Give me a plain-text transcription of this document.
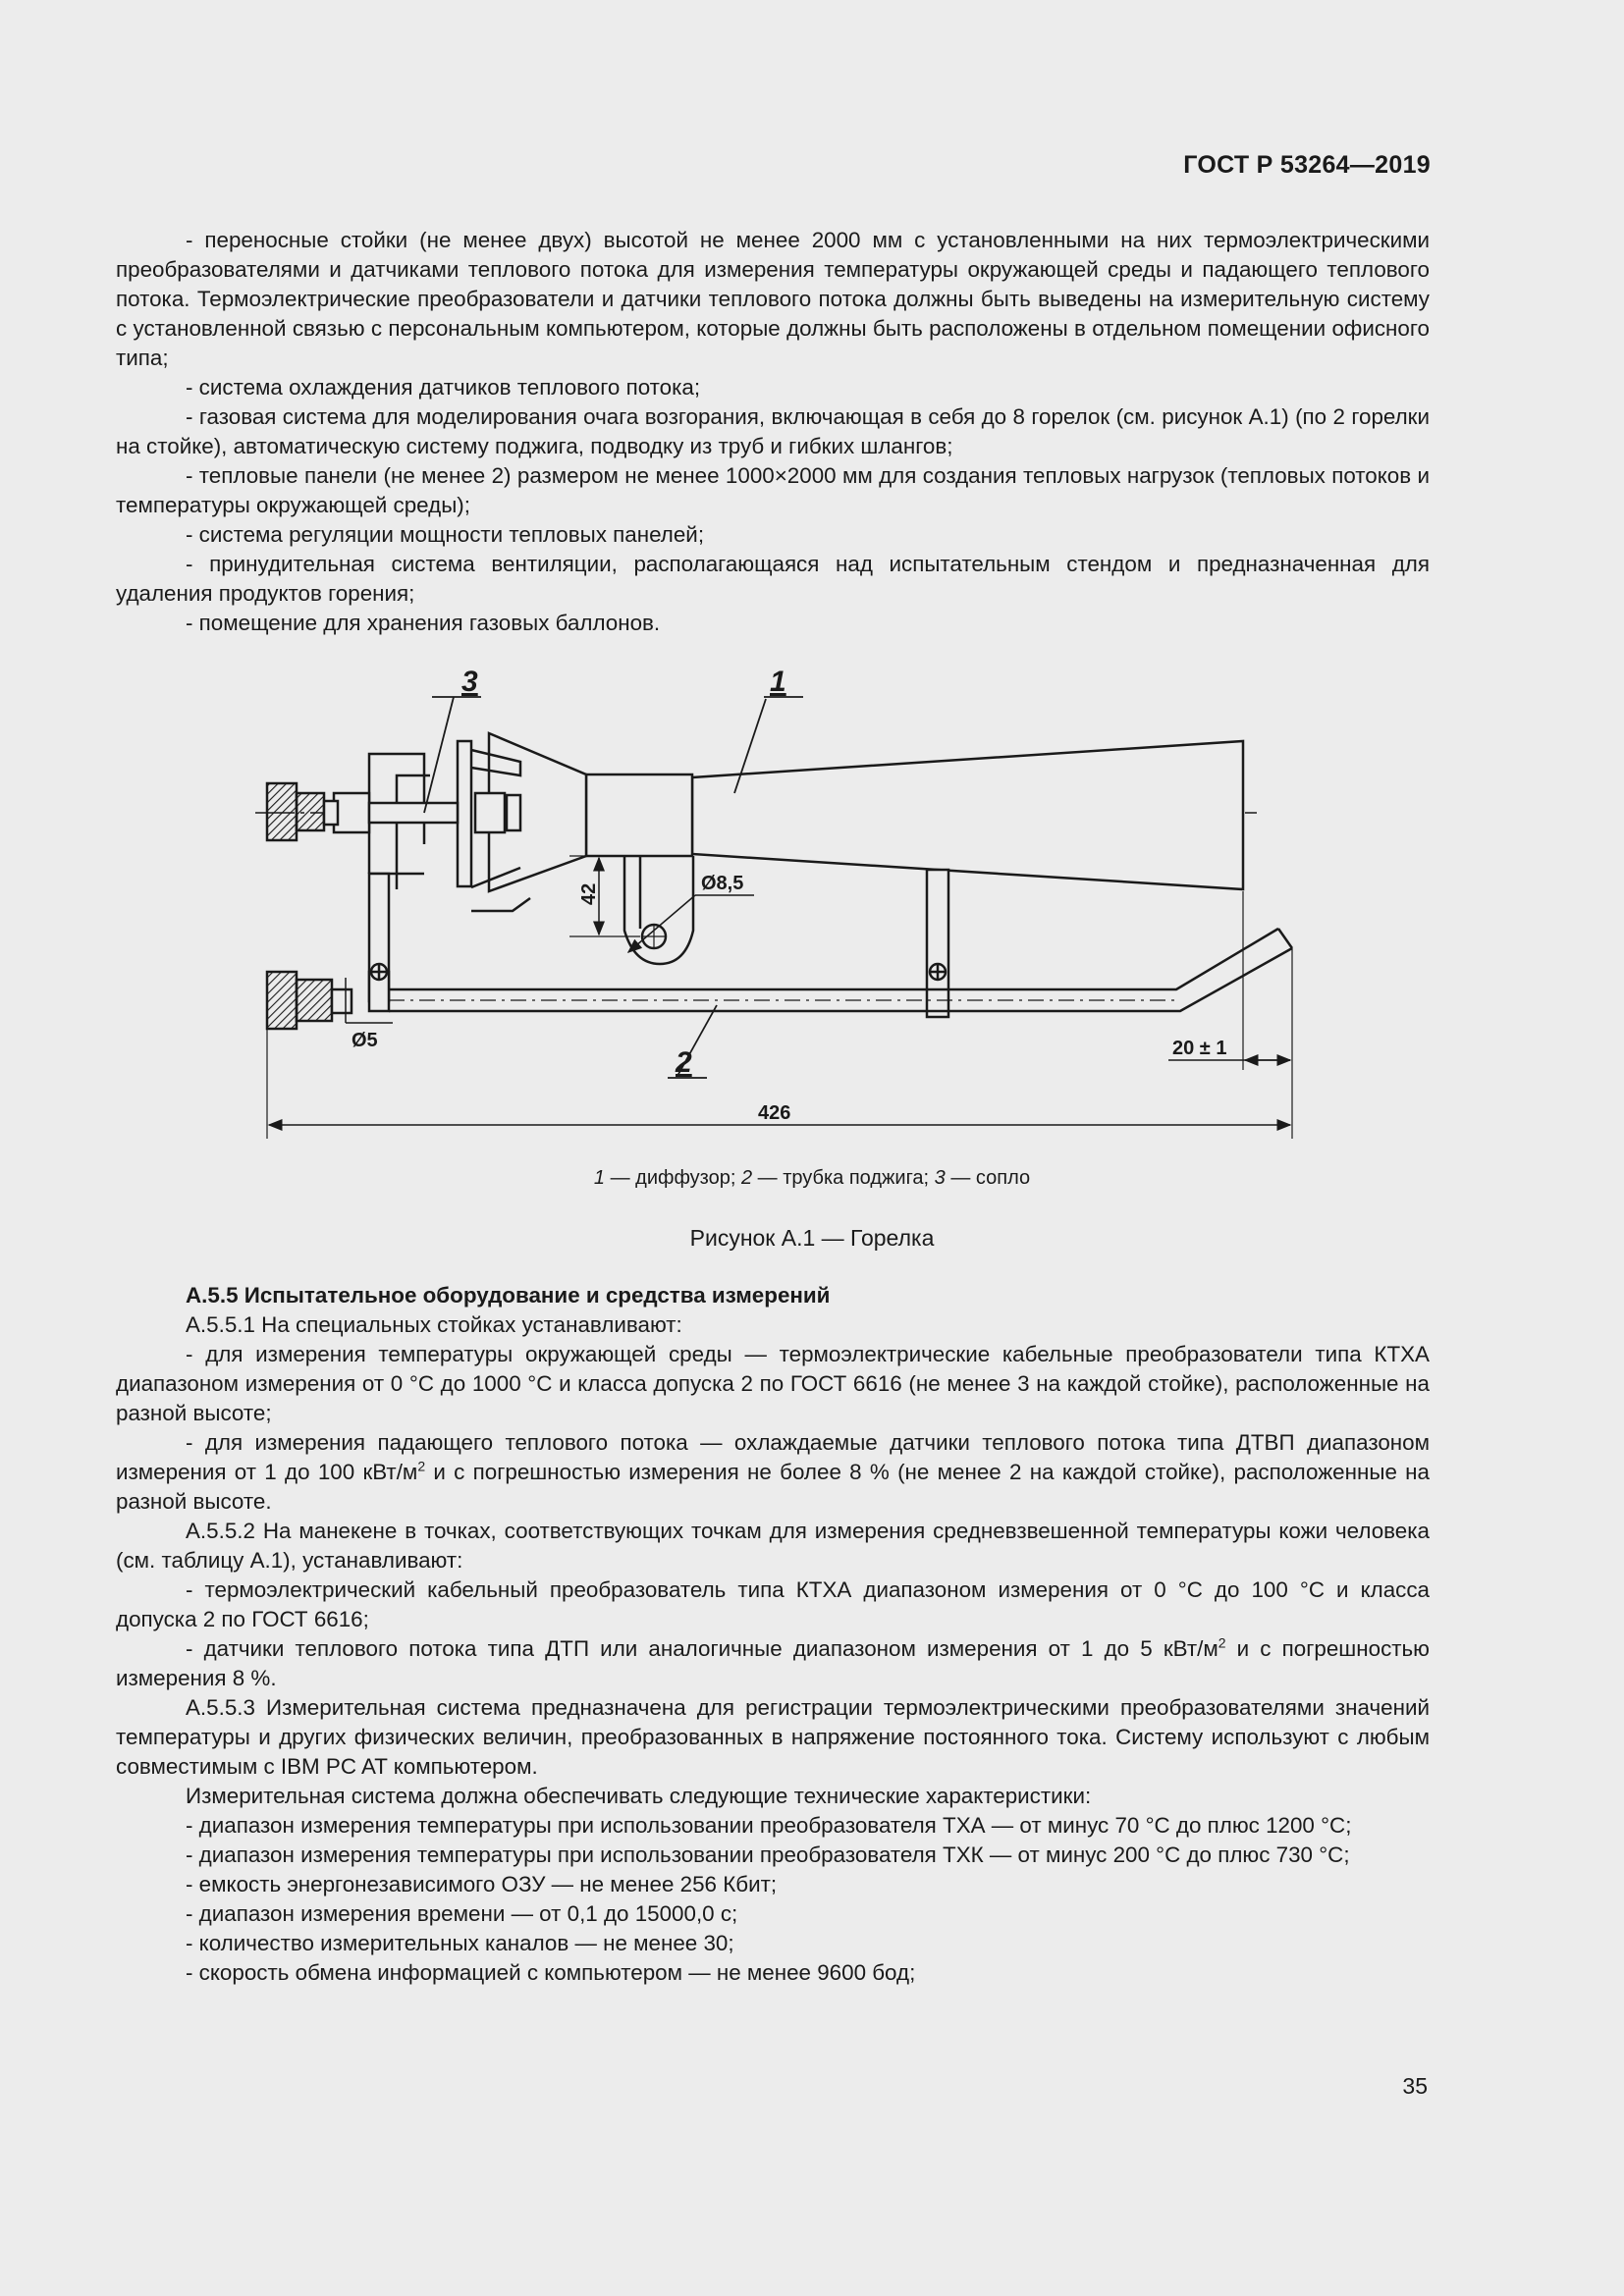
ГОСТ Р 53264—2019

- переносные стойки (не менее двух) высотой не менее 2000 мм с установленными на них термоэлектрическими преобразователями и датчиками теплового потока для измерения температуры окружающей среды и падающего теплового потока. Термоэлектрические преобразователи и датчики теплового потока должны быть выведены на измерительную систему с установленной связью с персональным компьютером, которые должны быть расположены в отдельном помещении офисного типа;

- система охлаждения датчиков теплового потока;

- газовая система для моделирования очага возгорания, включающая в себя до 8 горелок (см. рисунок А.1) (по 2 горелки на стойке), автоматическую систему поджига, подводку из труб и гибких шлангов;

- тепловые панели (не менее 2) размером не менее 1000×2000 мм для создания тепловых нагрузок (тепловых потоков и температуры окружающей среды);

- система регуляции мощности тепловых панелей;

- принудительная система вентиляции, располагающаяся над испытательным стендом и предназначенная для удаления продуктов горения;

- помещение для хранения газовых баллонов.

3	1
2
42	Ø8,5
Ø5	20 ± 1
426
1 — диффузор; 2 — трубка поджига; 3 — сопло
Рисунок А.1 — Горелка

А.5.5 Испытательное оборудование и средства измерений

А.5.5.1 На специальных стойках устанавливают:

- для измерения температуры окружающей среды — термоэлектрические кабельные преобразователи типа КТХА диапазоном измерения от 0 °С до 1000 °С и класса допуска 2 по ГОСТ 6616 (не менее 3 на каждой стойке), расположенные на разной высоте;

- для измерения падающего теплового потока — охлаждаемые датчики теплового потока типа ДТВП диапазоном измерения от 1 до 100 кВт/$м^2$ и с погрешностью измерения не более 8 % (не менее 2 на каждой стойке), расположенные на разной высоте.

А.5.5.2 На манекене в точках, соответствующих точкам для измерения средневзвешенной температуры кожи человека (см. таблицу А.1), устанавливают:

- термоэлектрический кабельный преобразователь типа КТХА диапазоном измерения от 0 °С до 100 °С и класса допуска 2 по ГОСТ 6616;

- датчики теплового потока типа ДТП или аналогичные диапазоном измерения от 1 до 5 кВт/$м^2$ и с погрешностью измерения 8 %.

А.5.5.3 Измерительная система предназначена для регистрации термоэлектрическими преобразователями значений температуры и других физических величин, преобразованных в напряжение постоянного тока. Систему используют с любым совместимым с IBM PC AT компьютером.

Измерительная система должна обеспечивать следующие технические характеристики:

- диапазон измерения температуры при использовании преобразователя ТХА — от минус 70 °С до плюс 1200 °С;

- диапазон измерения температуры при использовании преобразователя ТХК — от минус 200 °С до плюс 730 °С;

- емкость энергонезависимого ОЗУ — не менее 256 Кбит;

- диапазон измерения времени — от 0,1 до 15000,0 с;

- количество измерительных каналов — не менее 30;

- скорость обмена информацией с компьютером — не менее 9600 бод;

35
